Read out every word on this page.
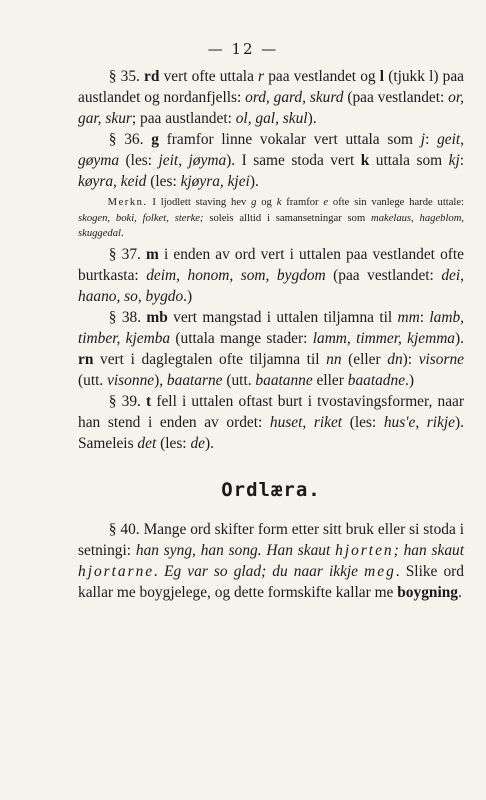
— 12 —

§ 35. rd vert ofte uttala r paa vestlandet og l (tjukk l) paa austlandet og nordanfjells: ord, gard, skurd (paa vestlandet: or, gar, skur; paa austlandet: ol, gal, skul).

§ 36. g framfor linne vokalar vert uttala som j: geit, gøyma (les: jeit, jøyma). I same stoda vert k uttala som kj: køyra, keid (les: kjøyra, kjei).

Merkn. I ljodlett staving hev g og k framfor e ofte sin vanlege harde uttale: skogen, boki, folket, sterke; soleis alltid i samansetningar som makelaus, hageblom, skuggedal.

§ 37. m i enden av ord vert i uttalen paa vestlandet ofte burtkasta: deim, honom, som, bygdom (paa vestlandet: dei, haano, so, bygdo.)

§ 38. mb vert mangstad i uttalen tiljamna til mm: lamb, timber, kjemba (uttala mange stader: lamm, timmer, kjemma). rn vert i daglegtalen ofte tiljamna til nn (eller dn): visorne (utt. visonne), baatarne (utt. baatanne eller baatadne.)

§ 39. t fell i uttalen oftast burt i tvostavingsformer, naar han stend i enden av ordet: huset, riket (les: hus'e, rikje). Sameleis det (les: de).

Ordlæra.

§ 40. Mange ord skifter form etter sitt bruk eller si stoda i setningi: han syng, han song. Han skaut hjorten; han skaut hjortarne. Eg var so glad; du naar ikkje meg. Slike ord kallar me boygjelege, og dette formskifte kallar me boygning.
